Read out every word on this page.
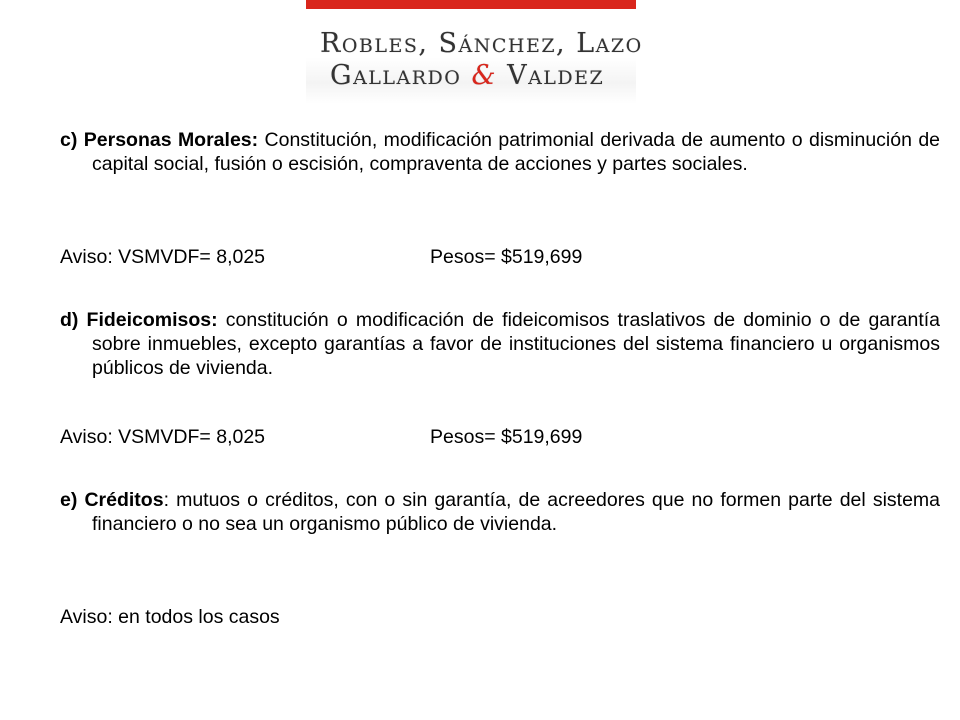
Robles, Sánchez, Lazo
Gallardo & Valdez

c) Personas Morales: Constitución, modificación patrimonial derivada de aumento o disminución de capital social, fusión o escisión, compraventa de acciones y partes sociales.

Aviso: VSMVDF= 8,025	Pesos= $519,699

d) Fideicomisos: constitución o modificación de fideicomisos traslativos de dominio o de garantía sobre inmuebles, excepto garantías a favor de instituciones del sistema financiero u organismos públicos de vivienda.

Aviso: VSMVDF= 8,025	Pesos= $519,699

e) Créditos: mutuos o créditos, con o sin garantía, de acreedores que no formen parte del sistema financiero o no sea un organismo público de vivienda.

Aviso: en todos los casos
